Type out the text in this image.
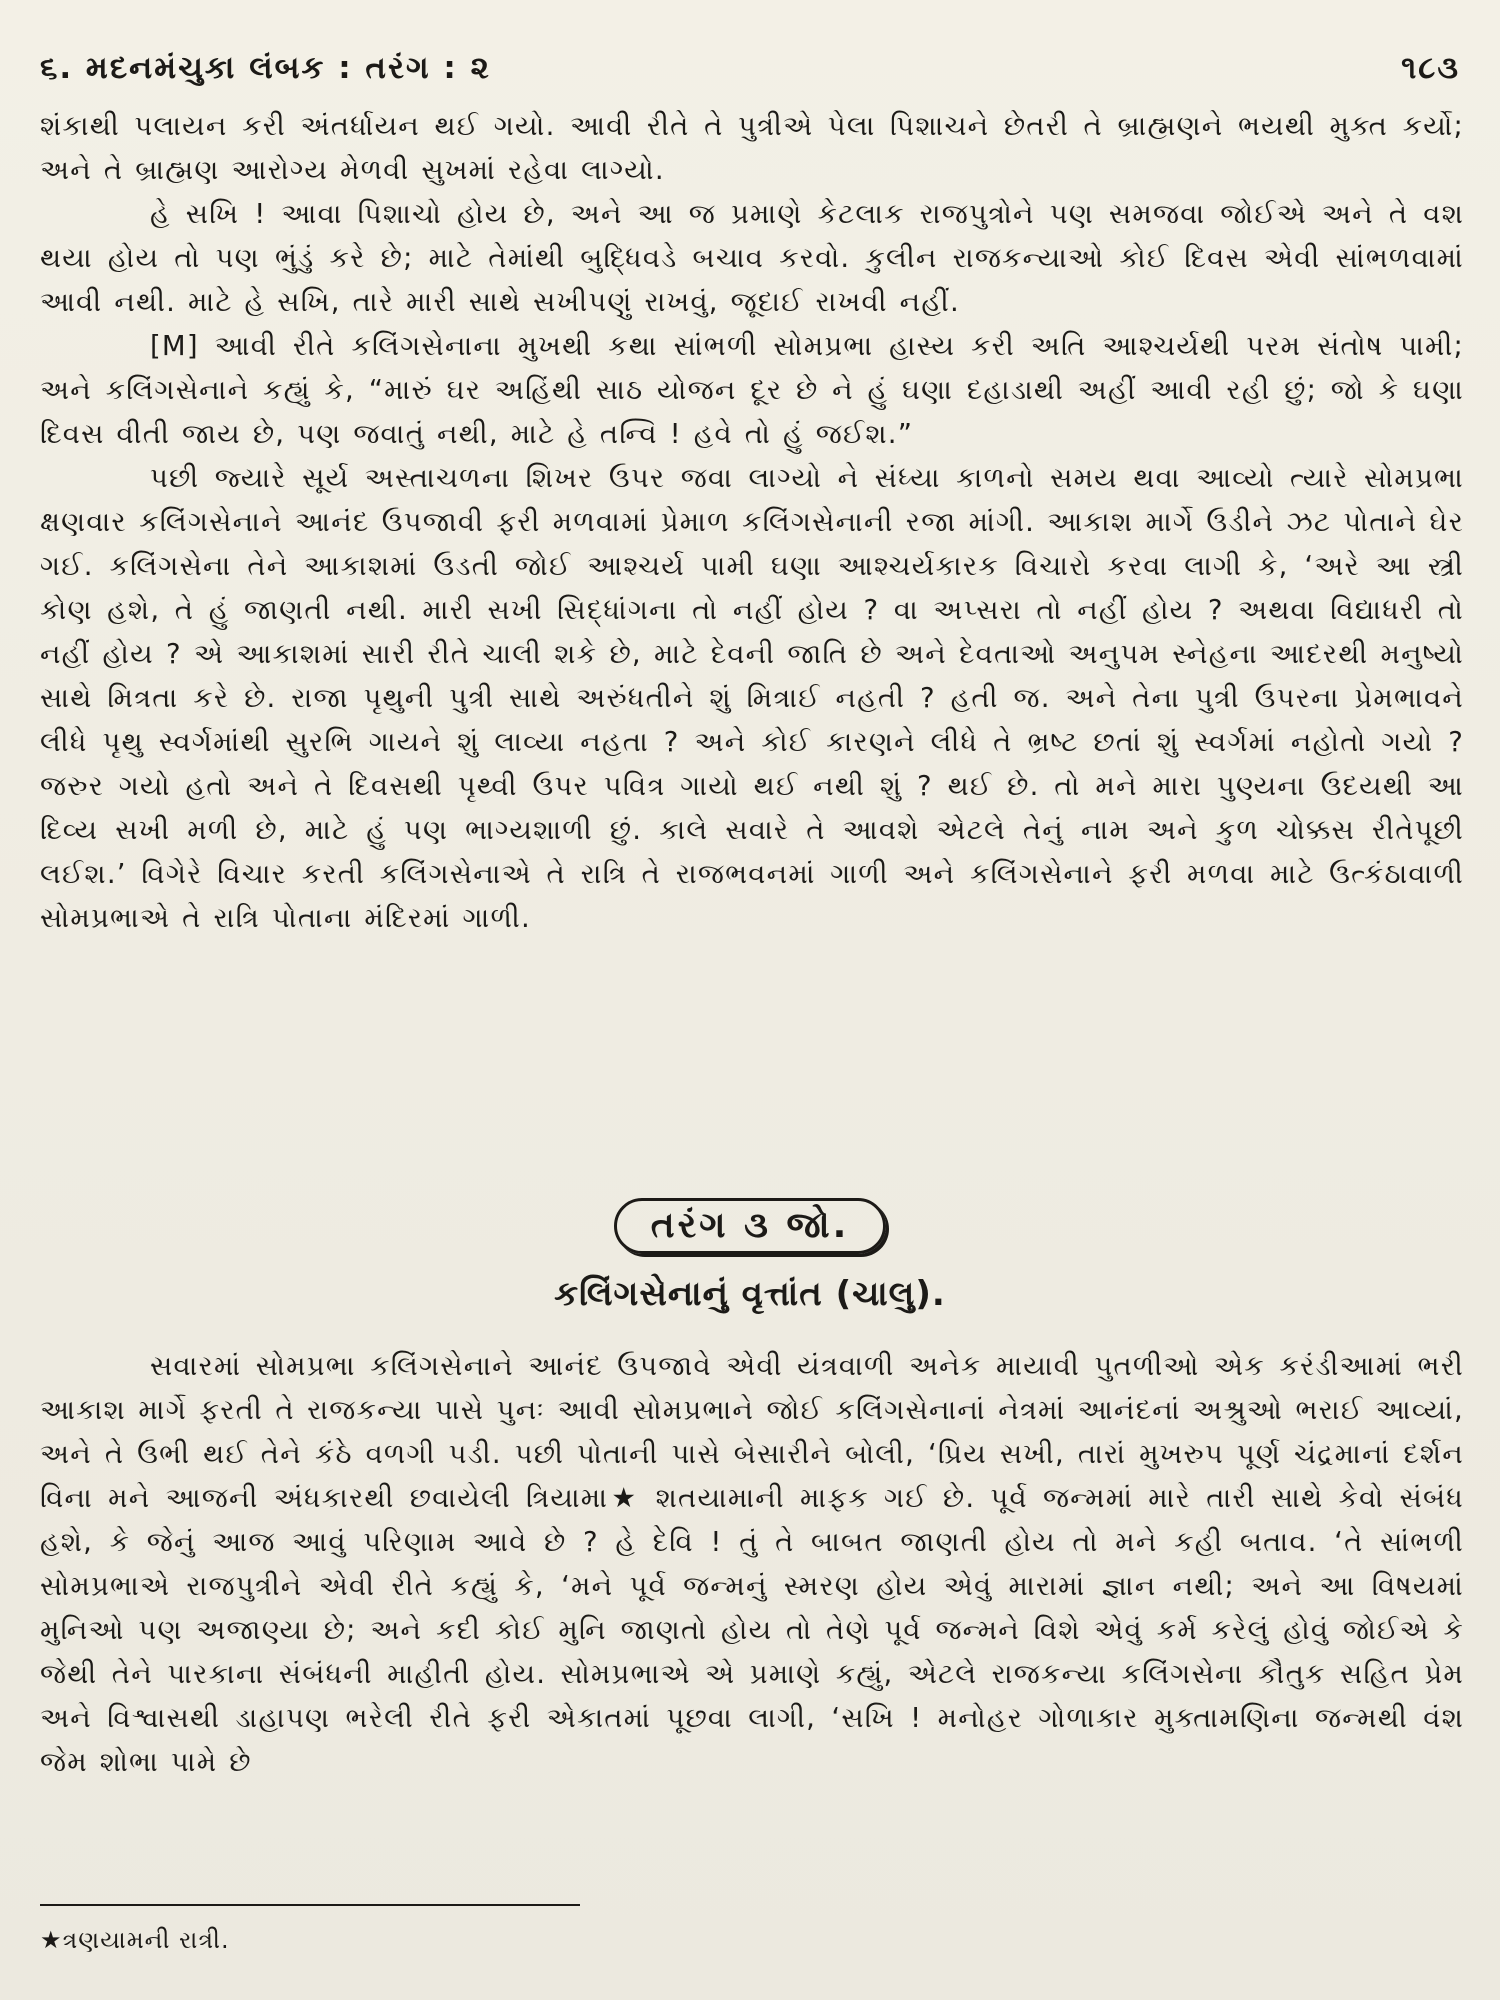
૬. મદનમંચુકા લંબક : તરંગ : ૨	૧૮૩

શંકાથી પલાયન કરી અંતર્ધાયન થઈ ગયો. આવી રીતે તે પુત્રીએ પેલા પિશાચને છેતરી તે બ્રાહ્મણને ભયથી મુક્ત કર્યો; અને તે બ્રાહ્મણ આરોગ્ય મેળવી સુખમાં રહેવા લાગ્યો.

હે સખિ ! આવા પિશાચો હોય છે, અને આ જ પ્રમાણે કેટલાક રાજપુત્રોને પણ સમજવા જોઈએ અને તે વશ થયા હોય તો પણ ભુંડું કરે છે; માટે તેમાંથી બુદ્ધિવડે બચાવ કરવો. કુલીન રાજકન્યાઓ કોઈ દિવસ એવી સાંભળવામાં આવી નથી. માટે હે સખિ, તારે મારી સાથે સખીપણું રાખવું, જૂદાઈ રાખવી નહીં.

[M] આવી રીતે કલિંગસેનાના મુખથી કથા સાંભળી સોમપ્રભા હાસ્ય કરી અતિ આશ્ચર્યથી પરમ સંતોષ પામી; અને કલિંગસેનાને કહ્યું કે, “મારું ઘર અહિંથી સાઠ યોજન દૂર છે ને હું ઘણા દહાડાથી અહીં આવી રહી છું; જો કે ઘણા દિવસ વીતી જાય છે, પણ જવાતું નથી, માટે હે તન્વિ ! હવે તો હું જઈશ.”

પછી જ્યારે સૂર્ય અસ્તાચળના શિખર ઉપર જવા લાગ્યો ને સંધ્યા કાળનો સમય થવા આવ્યો ત્યારે સોમપ્રભા ક્ષણવાર કલિંગસેનાને આનંદ ઉપજાવી ફરી મળવામાં પ્રેમાળ કલિંગસેનાની રજા માંગી. આકાશ માર્ગે ઉડીને ઝટ પોતાને ઘેર ગઈ. કલિંગસેના તેને આકાશમાં ઉડતી જોઈ આશ્ચર્ય પામી ઘણા આશ્ચર્યકારક વિચારો કરવા લાગી કે, ‘અરે આ સ્ત્રી કોણ હશે, તે હું જાણતી નથી. મારી સખી સિદ્ધાંગના તો નહીં હોય ? વા અપ્સરા તો નહીં હોય ? અથવા વિદ્યાધરી તો નહીં હોય ? એ આકાશમાં સારી રીતે ચાલી શકે છે, માટે દેવની જાતિ છે અને દેવતાઓ અનુપમ સ્નેહના આદરથી મનુષ્યો સાથે મિત્રતા કરે છે. રાજા પૃથુની પુત્રી સાથે અરુંધતીને શું મિત્રાઈ નહતી ? હતી જ. અને તેના પુત્રી ઉપરના પ્રેમભાવને લીધે પૃથુ સ્વર્ગમાંથી સુરભિ ગાયને શું લાવ્યા નહતા ? અને કોઈ કારણને લીધે તે ભ્રષ્ટ છતાં શું સ્વર્ગમાં નહોતો ગયો ? જરુર ગયો હતો અને તે દિવસથી પૃથ્વી ઉપર પવિત્ર ગાયો થઈ નથી શું ? થઈ છે. તો મને મારા પુણ્યના ઉદયથી આ દિવ્ય સખી મળી છે, માટે હું પણ ભાગ્યશાળી છું. કાલે સવારે તે આવશે એટલે તેનું નામ અને કુળ ચોક્કસ રીતેપૂછી લઈશ.’ વિગેરે વિચાર કરતી કલિંગસેનાએ તે રાત્રિ તે રાજભવનમાં ગાળી અને કલિંગસેનાને ફરી મળવા માટે ઉત્કંઠાવાળી સોમપ્રભાએ તે રાત્રિ પોતાના મંદિરમાં ગાળી.

તરંગ ૩ જો.
કલિંગસેનાનું વૃત્તાંત (ચાલુ).

સવારમાં સોમપ્રભા કલિંગસેનાને આનંદ ઉપજાવે એવી યંત્રવાળી અનેક માયાવી પુતળીઓ એક કરંડીઆમાં ભરી આકાશ માર્ગે ફરતી તે રાજકન્યા પાસે પુનઃ આવી સોમપ્રભાને જોઈ કલિંગસેનાનાં નેત્રમાં આનંદનાં અશ્રુઓ ભરાઈ આવ્યાં, અને તે ઉભી થઈ તેને કંઠે વળગી પડી. પછી પોતાની પાસે બેસારીને બોલી, ‘પ્રિય સખી, તારાં મુખરુપ પૂર્ણ ચંદ્રમાનાં દર્શન વિના મને આજની અંધકારથી છવાયેલી ત્રિયામા★ શતયામાની માફક ગઈ છે. પૂર્વ જન્મમાં મારે તારી સાથે કેવો સંબંધ હશે, કે જેનું આજ આવું પરિણામ આવે છે ? હે દેવિ ! તું તે બાબત જાણતી હોય તો મને કહી બતાવ. ‘તે સાંભળી સોમપ્રભાએ રાજપુત્રીને એવી રીતે કહ્યું કે, ‘મને પૂર્વ જન્મનું સ્મરણ હોય એવું મારામાં જ્ઞાન નથી; અને આ વિષયમાં મુનિઓ પણ અજાણ્યા છે; અને કદી કોઈ મુનિ જાણતો હોય તો તેણે પૂર્વ જન્મને વિશે એવું કર્મ કરેલું હોવું જોઈએ કે જેથી તેને પારકાના સંબંધની માહીતી હોય. સોમપ્રભાએ એ પ્રમાણે કહ્યું, એટલે રાજકન્યા કલિંગસેના કૌતુક સહિત પ્રેમ અને વિશ્વાસથી ડાહાપણ ભરેલી રીતે ફરી એકાતમાં પૂછવા લાગી, ‘સખિ ! મનોહર ગોળાકાર મુક્તામણિના જન્મથી વંશ જેમ શોભા પામે છે

★ત્રણયામની રાત્રી.
